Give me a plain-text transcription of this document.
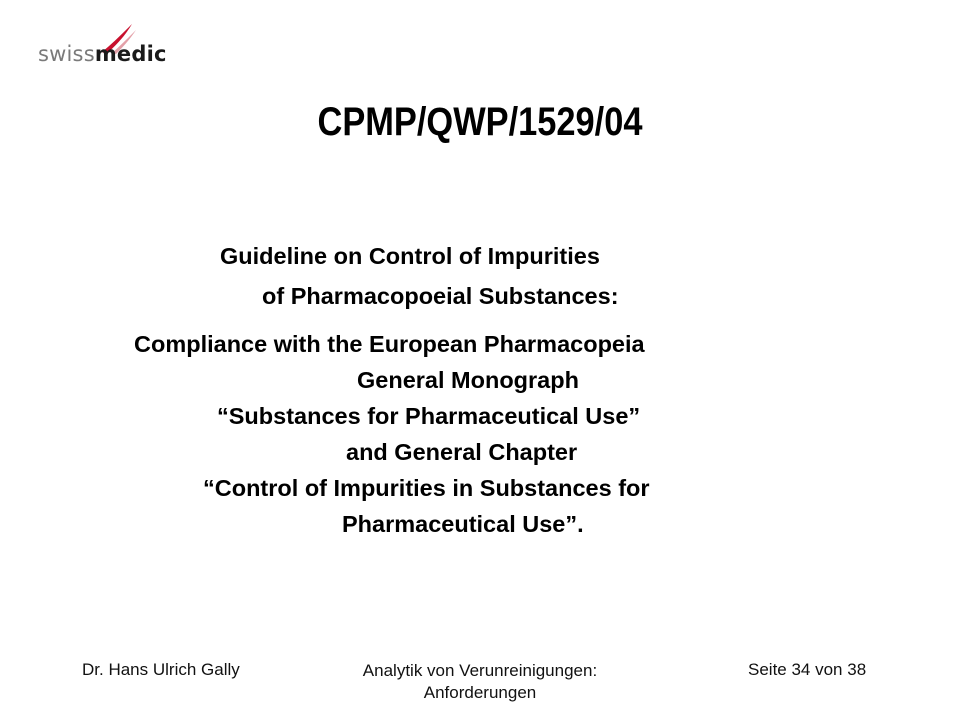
swissmedic
CPMP/QWP/1529/04
Guideline on Control of Impurities
of Pharmacopoeial Substances:
Compliance with the European Pharmacopeia
General Monograph
“Substances for Pharmaceutical Use”
and General Chapter
“Control of Impurities in Substances for
Pharmaceutical Use”.
Dr. Hans Ulrich Gally	Analytik von Verunreinigungen: Anforderungen
Seite 34 von 38
